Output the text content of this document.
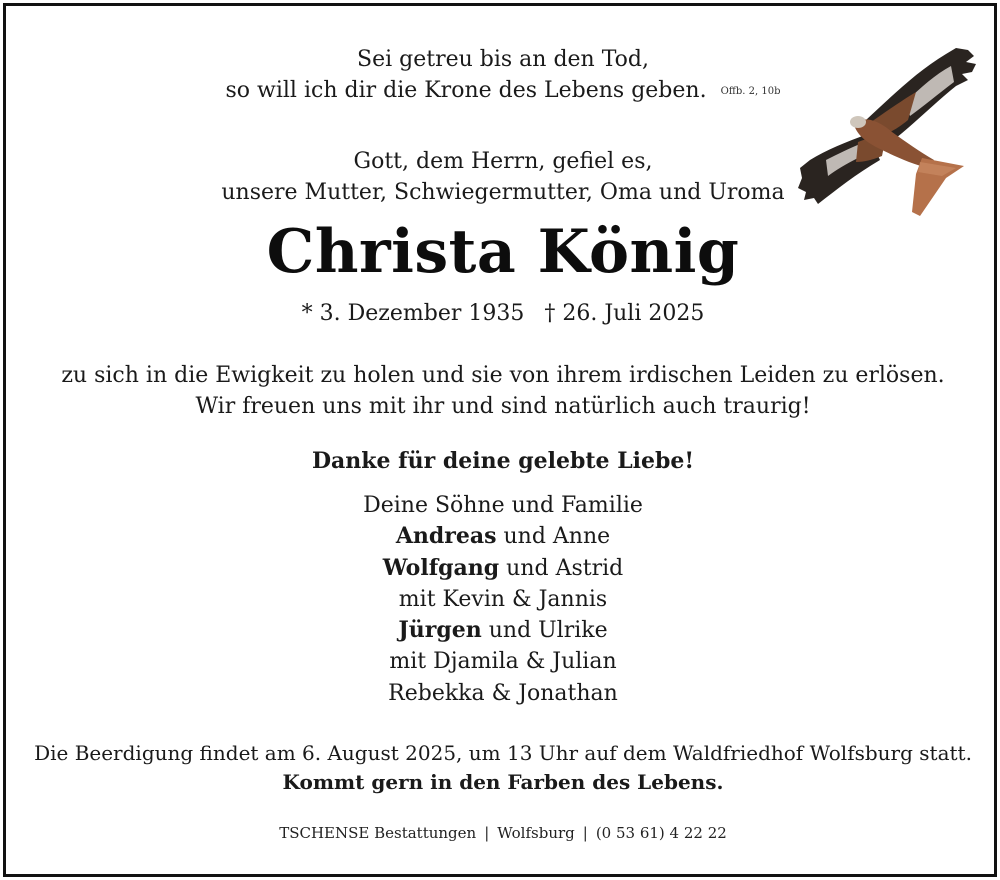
Sei getreu bis an den Tod,
so will ich dir die Krone des Lebens geben. Offb. 2, 10b
Gott, dem Herrn, gefiel es,
unsere Mutter, Schwiegermutter, Oma und Uroma
Christa König
* 3. Dezember 1935 † 26. Juli 2025
zu sich in die Ewigkeit zu holen und sie von ihrem irdischen Leiden zu erlösen.
Wir freuen uns mit ihr und sind natürlich auch traurig!
Danke für deine gelebte Liebe!
Deine Söhne und Familie
Andreas und Anne
Wolfgang und Astrid
mit Kevin & Jannis
Jürgen und Ulrike
mit Djamila & Julian
Rebekka & Jonathan
Die Beerdigung findet am 6. August 2025, um 13 Uhr auf dem Waldfriedhof Wolfsburg statt.
Kommt gern in den Farben des Lebens.
TSCHENSE Bestattungen | Wolfsburg | (0 53 61) 4 22 22
